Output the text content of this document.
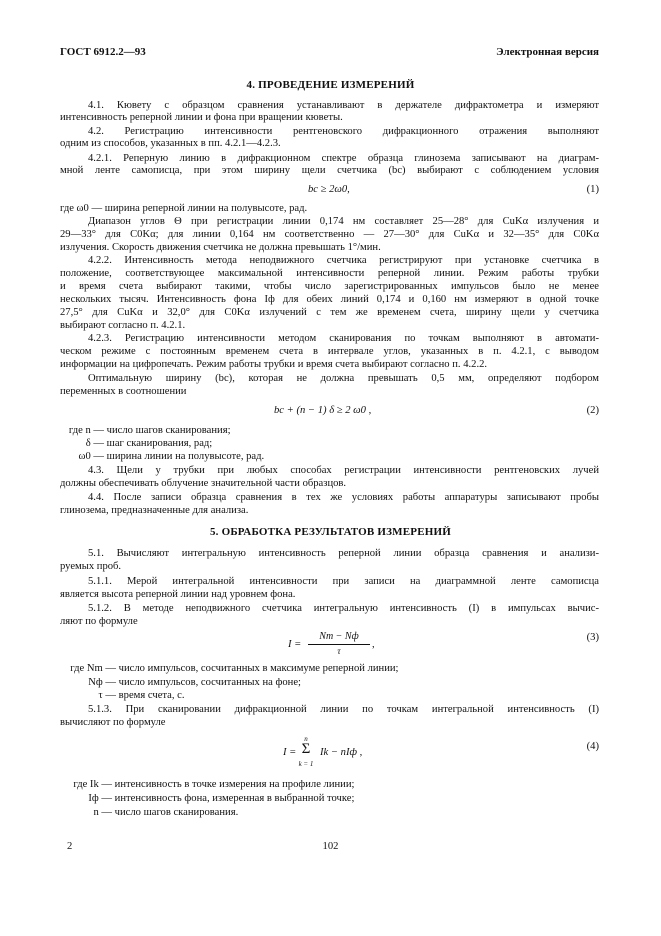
ГОСТ 6912.2—93	Электронная версия
4. ПРОВЕДЕНИЕ ИЗМЕРЕНИЙ
4.1. Кювету с образцом сравнения устанавливают в держателе дифрактометра и измеряют
интенсивность реперной линии и фона при вращении кюветы.
4.2. Регистрацию интенсивности рентгеновского дифракционного отражения выполняют
одним из способов, указанных в пп. 4.2.1—4.2.3.
4.2.1. Реперную линию в дифракционном спектре образца глинозема записывают на диаграм-
мной ленте самописца, при этом ширину щели счетчика (bc) выбирают с соблюдением условия
bc ≥ 2ω0,	(1)
где ω0 — ширина реперной линии на полувысоте, рад.
Диапазон углов Θ при регистрации линии 0,174 нм составляет 25—28° для CuKα излучения и
29—33° для C0Kα; для линии 0,164 нм соответственно — 27—30° для CuKα и 32—35° для C0Kα
излучения. Скорость движения счетчика не должна превышать 1°/мин.
4.2.2. Интенсивность метода неподвижного счетчика регистрируют при установке счетчика в
положение, соответствующее максимальной интенсивности реперной линии. Режим работы трубки
и время счета выбирают такими, чтобы число зарегистрированных импульсов было не менее
нескольких тысяч. Интенсивность фона Iф для обеих линий 0,174 и 0,160 нм измеряют в одной точке
27,5° для CuKα и 32,0° для C0Kα излучений с тем же временем счета, ширину щели у счетчика
выбирают согласно п. 4.2.1.
4.2.3. Регистрацию интенсивности методом сканирования по точкам выполняют в автомати-
ческом режиме с постоянным временем счета в интервале углов, указанных в п. 4.2.1, с выводом
информации на цифропечать. Режим работы трубки и время счета выбирают согласно п. 4.2.2.
Оптимальную ширину (bc), которая не должна превышать 0,5 мм, определяют подбором
переменных в соотношении
bc + (n − 1) δ ≥ 2 ω0 ,	(2)
где n — число шагов сканирования;
δ — шаг сканирования, рад;
ω0 — ширина линии на полувысоте, рад.
4.3. Щели у трубки при любых способах регистрации интенсивности рентгеновских лучей
должны обеспечивать облучение значительной части образцов.
4.4. После записи образца сравнения в тех же условиях работы аппаратуры записывают пробы
глинозема, предназначенные для анализа.
5. ОБРАБОТКА РЕЗУЛЬТАТОВ ИЗМЕРЕНИЙ
5.1. Вычисляют интегральную интенсивность реперной линии образца сравнения и анализи-
руемых проб.
5.1.1. Мерой интегральной интенсивности при записи на диаграммной ленте самописца
является высота реперной линии над уровнем фона.
5.1.2. В методе неподвижного счетчика интегральную интенсивность (I) в импульсах вычис-
ляют по формуле
I =
Nm − Nф
τ
,
(3)
где Nm — число импульсов, сосчитанных в максимуме реперной линии;
Nф — число импульсов, сосчитанных на фоне;
τ — время счета, с.
5.1.3. При сканировании дифракционной линии по точкам интегральной интенсивность (I)
вычисляют по формуле
I =
n
Σ
k = 1
Ik − nIф ,
(4)
где Ik — интенсивность в точке измерения на профиле линии;
Iф — интенсивность фона, измеренная в выбранной точке;
n — число шагов сканирования.
2	102
